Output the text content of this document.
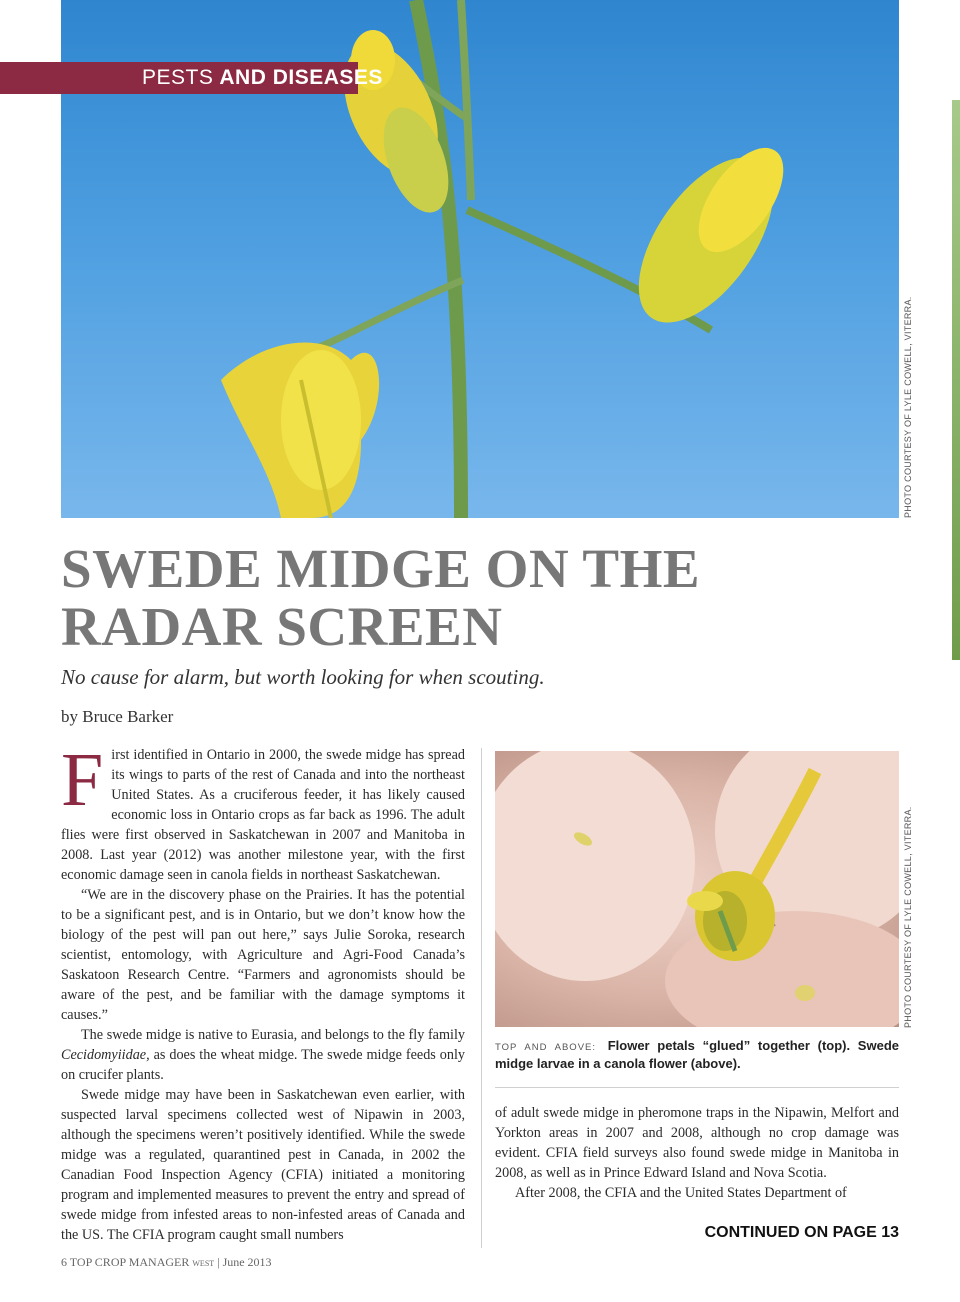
PESTS AND DISEASES
PHOTO COURTESY OF LYLE COWELL, VITERRA.
SWEDE MIDGE ON THE
RADAR SCREEN
No cause for alarm, but worth looking for when scouting.
by Bruce Barker

First identified in Ontario in 2000, the swede midge has spread its wings to parts of the rest of Canada and into the northeast United States. As a cruciferous feeder, it has likely caused economic loss in Ontario crops as far back as 1996. The adult flies were first observed in Saskatchewan in 2007 and Manitoba in 2008. Last year (2012) was another milestone year, with the first economic damage seen in canola fields in northeast Saskatchewan.

“We are in the discovery phase on the Prairies. It has the potential to be a significant pest, and is in Ontario, but we don’t know how the biology of the pest will pan out here,” says Julie Soroka, research scientist, entomology, with Agriculture and Agri-Food Canada’s Saskatoon Research Centre. “Farmers and agronomists should be aware of the pest, and be familiar with the damage symptoms it causes.”

The swede midge is native to Eurasia, and belongs to the fly family Cecidomyiidae, as does the wheat midge. The swede midge feeds only on crucifer plants.

Swede midge may have been in Saskatchewan even earlier, with suspected larval specimens collected west of Nipawin in 2003, although the specimens weren’t positively identified. While the swede midge was a regulated, quarantined pest in Canada, in 2002 the Canadian Food Inspection Agency (CFIA) initiated a monitoring program and implemented measures to prevent the entry and spread of swede midge from infested areas to non-infested areas of Canada and the US. The CFIA program caught small numbers

PHOTO COURTESY OF LYLE COWELL, VITERRA.
TOP AND ABOVE: Flower petals “glued” together (top). Swede midge larvae in a canola flower (above).

of adult swede midge in pheromone traps in the Nipawin, Melfort and Yorkton areas in 2007 and 2008, although no crop damage was evident. CFIA field surveys also found swede midge in Manitoba in 2008, as well as in Prince Edward Island and Nova Scotia.

After 2008, the CFIA and the United States Department of

CONTINUED ON PAGE 13
6 TOP CROP MANAGER west | June 2013
